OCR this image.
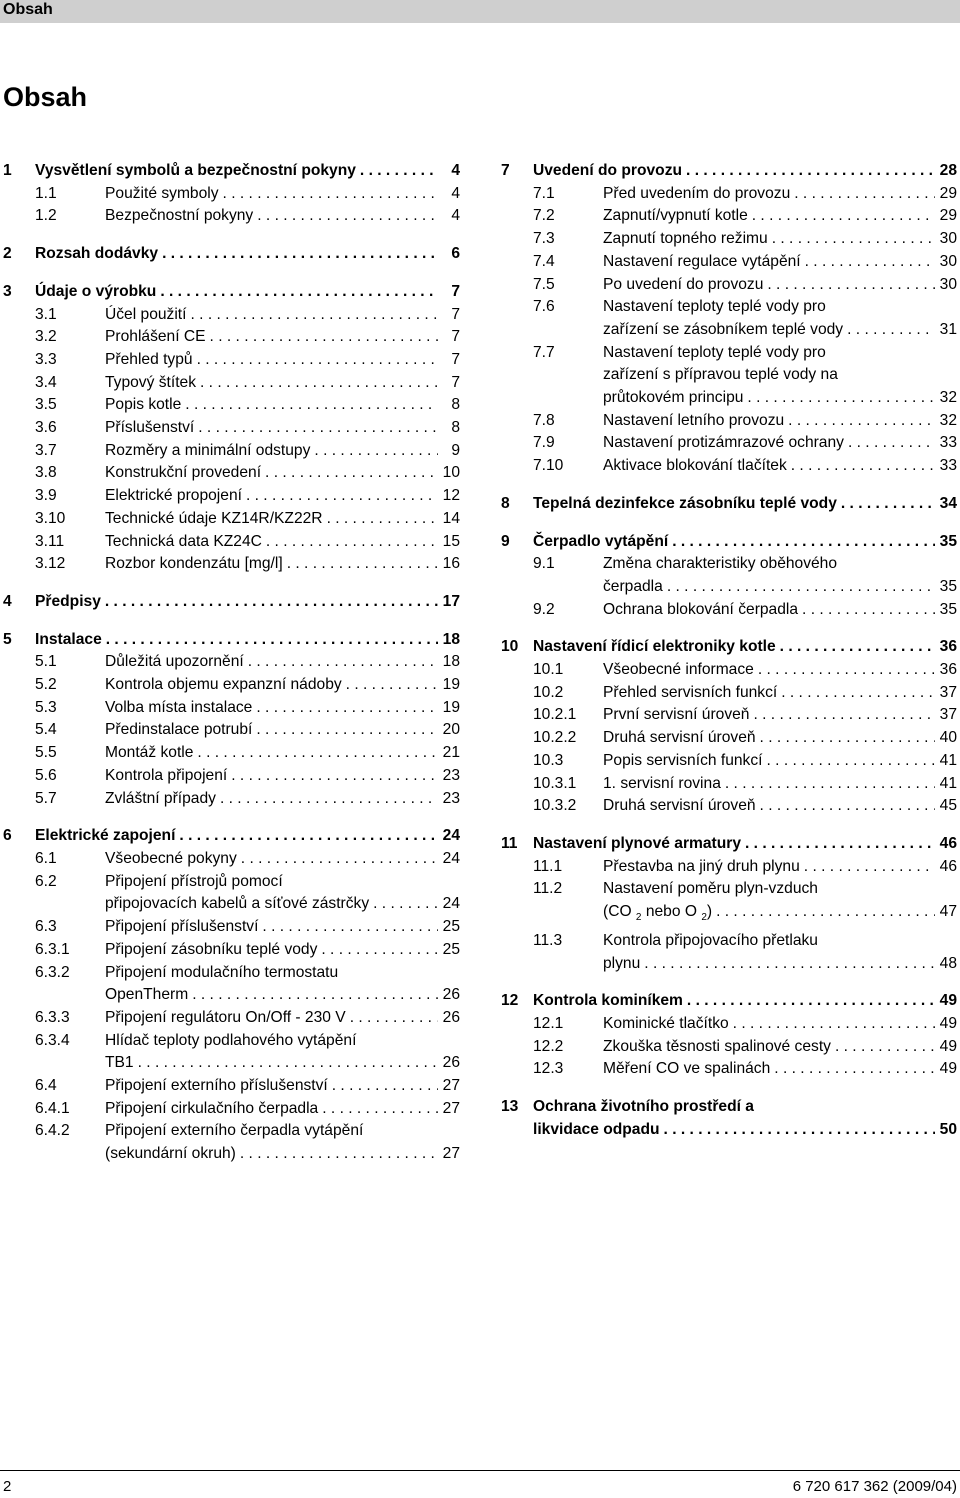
Obsah
Obsah
1	Vysvětlení symbolů a bezpečnostní pokyny . . .	4
1.1	Použité symboly . . .	4
1.2	Bezpečnostní pokyny . . .	4
2	Rozsah dodávky . . .	6
3	Údaje o výrobku . . .	7
3.1	Účel použití . . .	7
3.2	Prohlášení CE . . .	7
3.3	Přehled typů . . .	7
3.4	Typový štítek . . .	7
3.5	Popis kotle . . .	8
3.6	Příslušenství . . .	8
3.7	Rozměry a minimální odstupy . . .	9
3.8	Konstrukční provedení . . .	10
3.9	Elektrické propojení . . .	12
3.10	Technické údaje KZ14R/KZ22R . . .	14
3.11	Technická data KZ24C . . .	15
3.12	Rozbor kondenzátu [mg/l] . . .	16
4	Předpisy . . .	17
5	Instalace . . .	18
5.1	Důležitá upozornění . . .	18
5.2	Kontrola objemu expanzní nádoby . . .	19
5.3	Volba místa instalace . . .	19
5.4	Předinstalace potrubí . . .	20
5.5	Montáž kotle . . .	21
5.6	Kontrola připojení . . .	23
5.7	Zvláštní případy . . .	23
6	Elektrické zapojení . . .	24
6.1	Všeobecné pokyny . . .	24
6.2	Připojení přístrojů pomocí
připojovacích kabelů a síťové zástrčky . . .	24
6.3	Připojení příslušenství . . .	25
6.3.1	Připojení zásobníku teplé vody . . .	25
6.3.2	Připojení modulačního termostatu
OpenTherm . . .	26
6.3.3	Připojení regulátoru On/Off - 230 V . . .	26
6.3.4	Hlídač teploty podlahového vytápění
TB1 . . .	26
6.4	Připojení externího příslušenství . . .	27
6.4.1	Připojení cirkulačního čerpadla . . .	27
6.4.2	Připojení externího čerpadla vytápění
(sekundární okruh) . . .	27
7	Uvedení do provozu . . .	28
7.1	Před uvedením do provozu . . .	29
7.2	Zapnutí/vypnutí kotle . . .	29
7.3	Zapnutí topného režimu . . .	30
7.4	Nastavení regulace vytápění . . .	30
7.5	Po uvedení do provozu . . .	30
7.6	Nastavení teploty teplé vody pro
zařízení se zásobníkem teplé vody . . .	31
7.7	Nastavení teploty teplé vody pro
zařízení s přípravou teplé vody na
průtokovém principu . . .	32
7.8	Nastavení letního provozu . . .	32
7.9	Nastavení protizámrazové ochrany . . .	33
7.10	Aktivace blokování tlačítek . . .	33
8	Tepelná dezinfekce zásobníku teplé vody . . .	34
9	Čerpadlo vytápění . . .	35
9.1	Změna charakteristiky oběhového
čerpadla . . .	35
9.2	Ochrana blokování čerpadla . . .	35
10 Nastavení řídicí elektroniky kotle . . .	36
10.1	Všeobecné informace . . .	36
10.2	Přehled servisních funkcí . . .	37
10.2.1	První servisní úroveň . . .	37
10.2.2	Druhá servisní úroveň . . .	40
10.3	Popis servisních funkcí . . .	41
10.3.1	1. servisní rovina . . .	41
10.3.2	Druhá servisní úroveň . . .	45
11 Nastavení plynové armatury . . .	46
11.1	Přestavba na jiný druh plynu . . .	46
11.2	Nastavení poměru plyn-vzduch
(CO $_2$ nebo O $_2$) . . .	47
11.3	Kontrola připojovacího přetlaku
plynu . . .	48
12 Kontrola kominíkem . . .	49
12.1	Kominické tlačítko . . .	49
12.2	Zkouška těsnosti spalinové cesty . . .	49
12.3	Měření CO ve spalinách . . .	49
13 Ochrana životního prostředí a
likvidace odpadu . . .	50
2	6 720 617 362 (2009/04)
